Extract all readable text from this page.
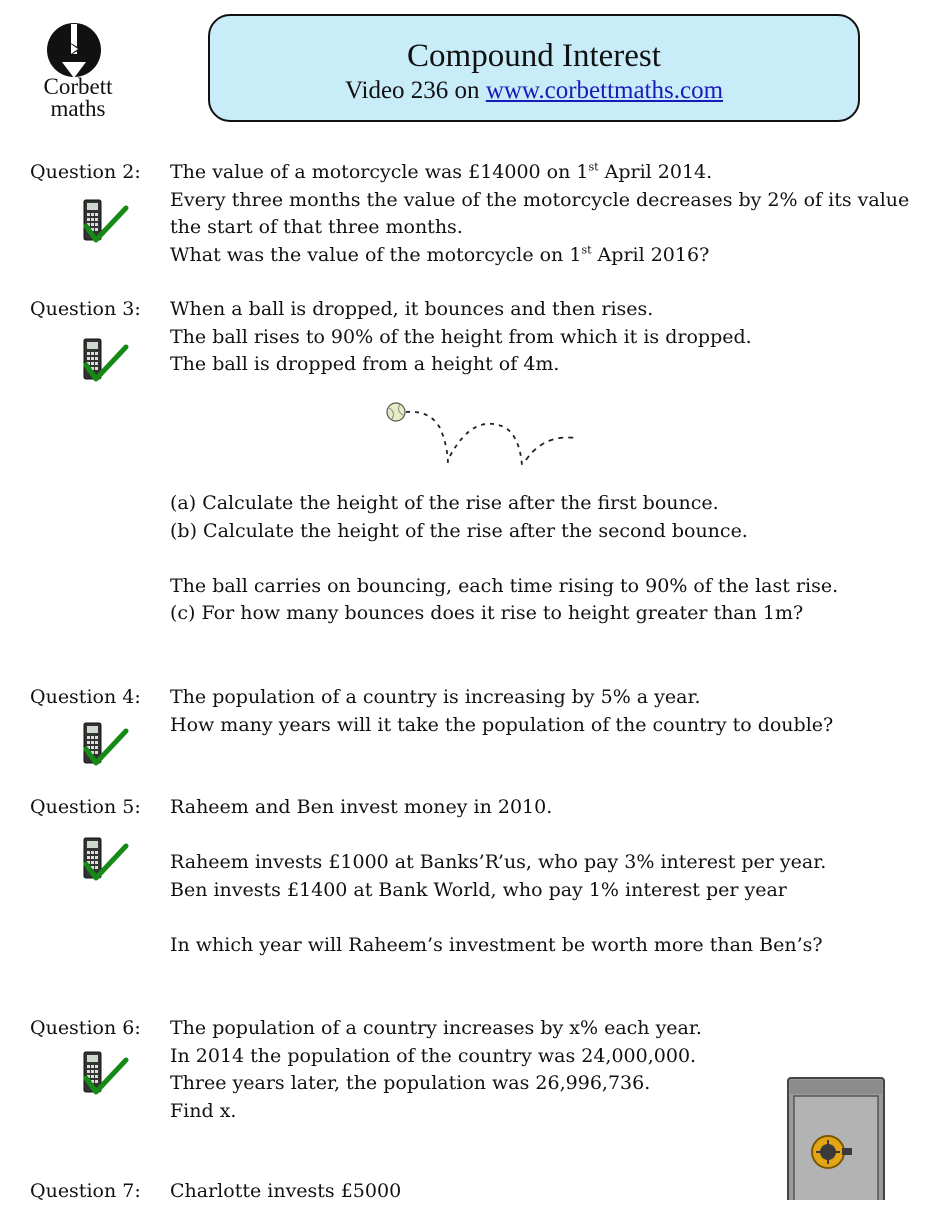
Corbett
maths
Compound Interest
Video 236 on www.corbettmaths.com
Question 2: The value of a motorcycle was £14000 on 1st April 2014.
Every three months the value of the motorcycle decreases by 2% of its value
the start of that three months.
What was the value of the motorcycle on 1st April 2016?
Question 3: When a ball is dropped, it bounces and then rises.
The ball rises to 90% of the height from which it is dropped.
The ball is dropped from a height of 4m.
(a) Calculate the height of the rise after the first bounce.
(b) Calculate the height of the rise after the second bounce.
The ball carries on bouncing, each time rising to 90% of the last rise.
(c) For how many bounces does it rise to height greater than 1m?
Question 4: The population of a country is increasing by 5% a year.
How many years will it take the population of the country to double?
Question 5: Raheem and Ben invest money in 2010.
Raheem invests £1000 at Banks’R’us, who pay 3% interest per year.
Ben invests £1400 at Bank World, who pay 1% interest per year
In which year will Raheem’s investment be worth more than Ben’s?
Question 6: The population of a country increases by x% each year.
In 2014 the population of the country was 24,000,000.
Three years later, the population was 26,996,736.
Find x.
Question 7: Charlotte invests £5000
